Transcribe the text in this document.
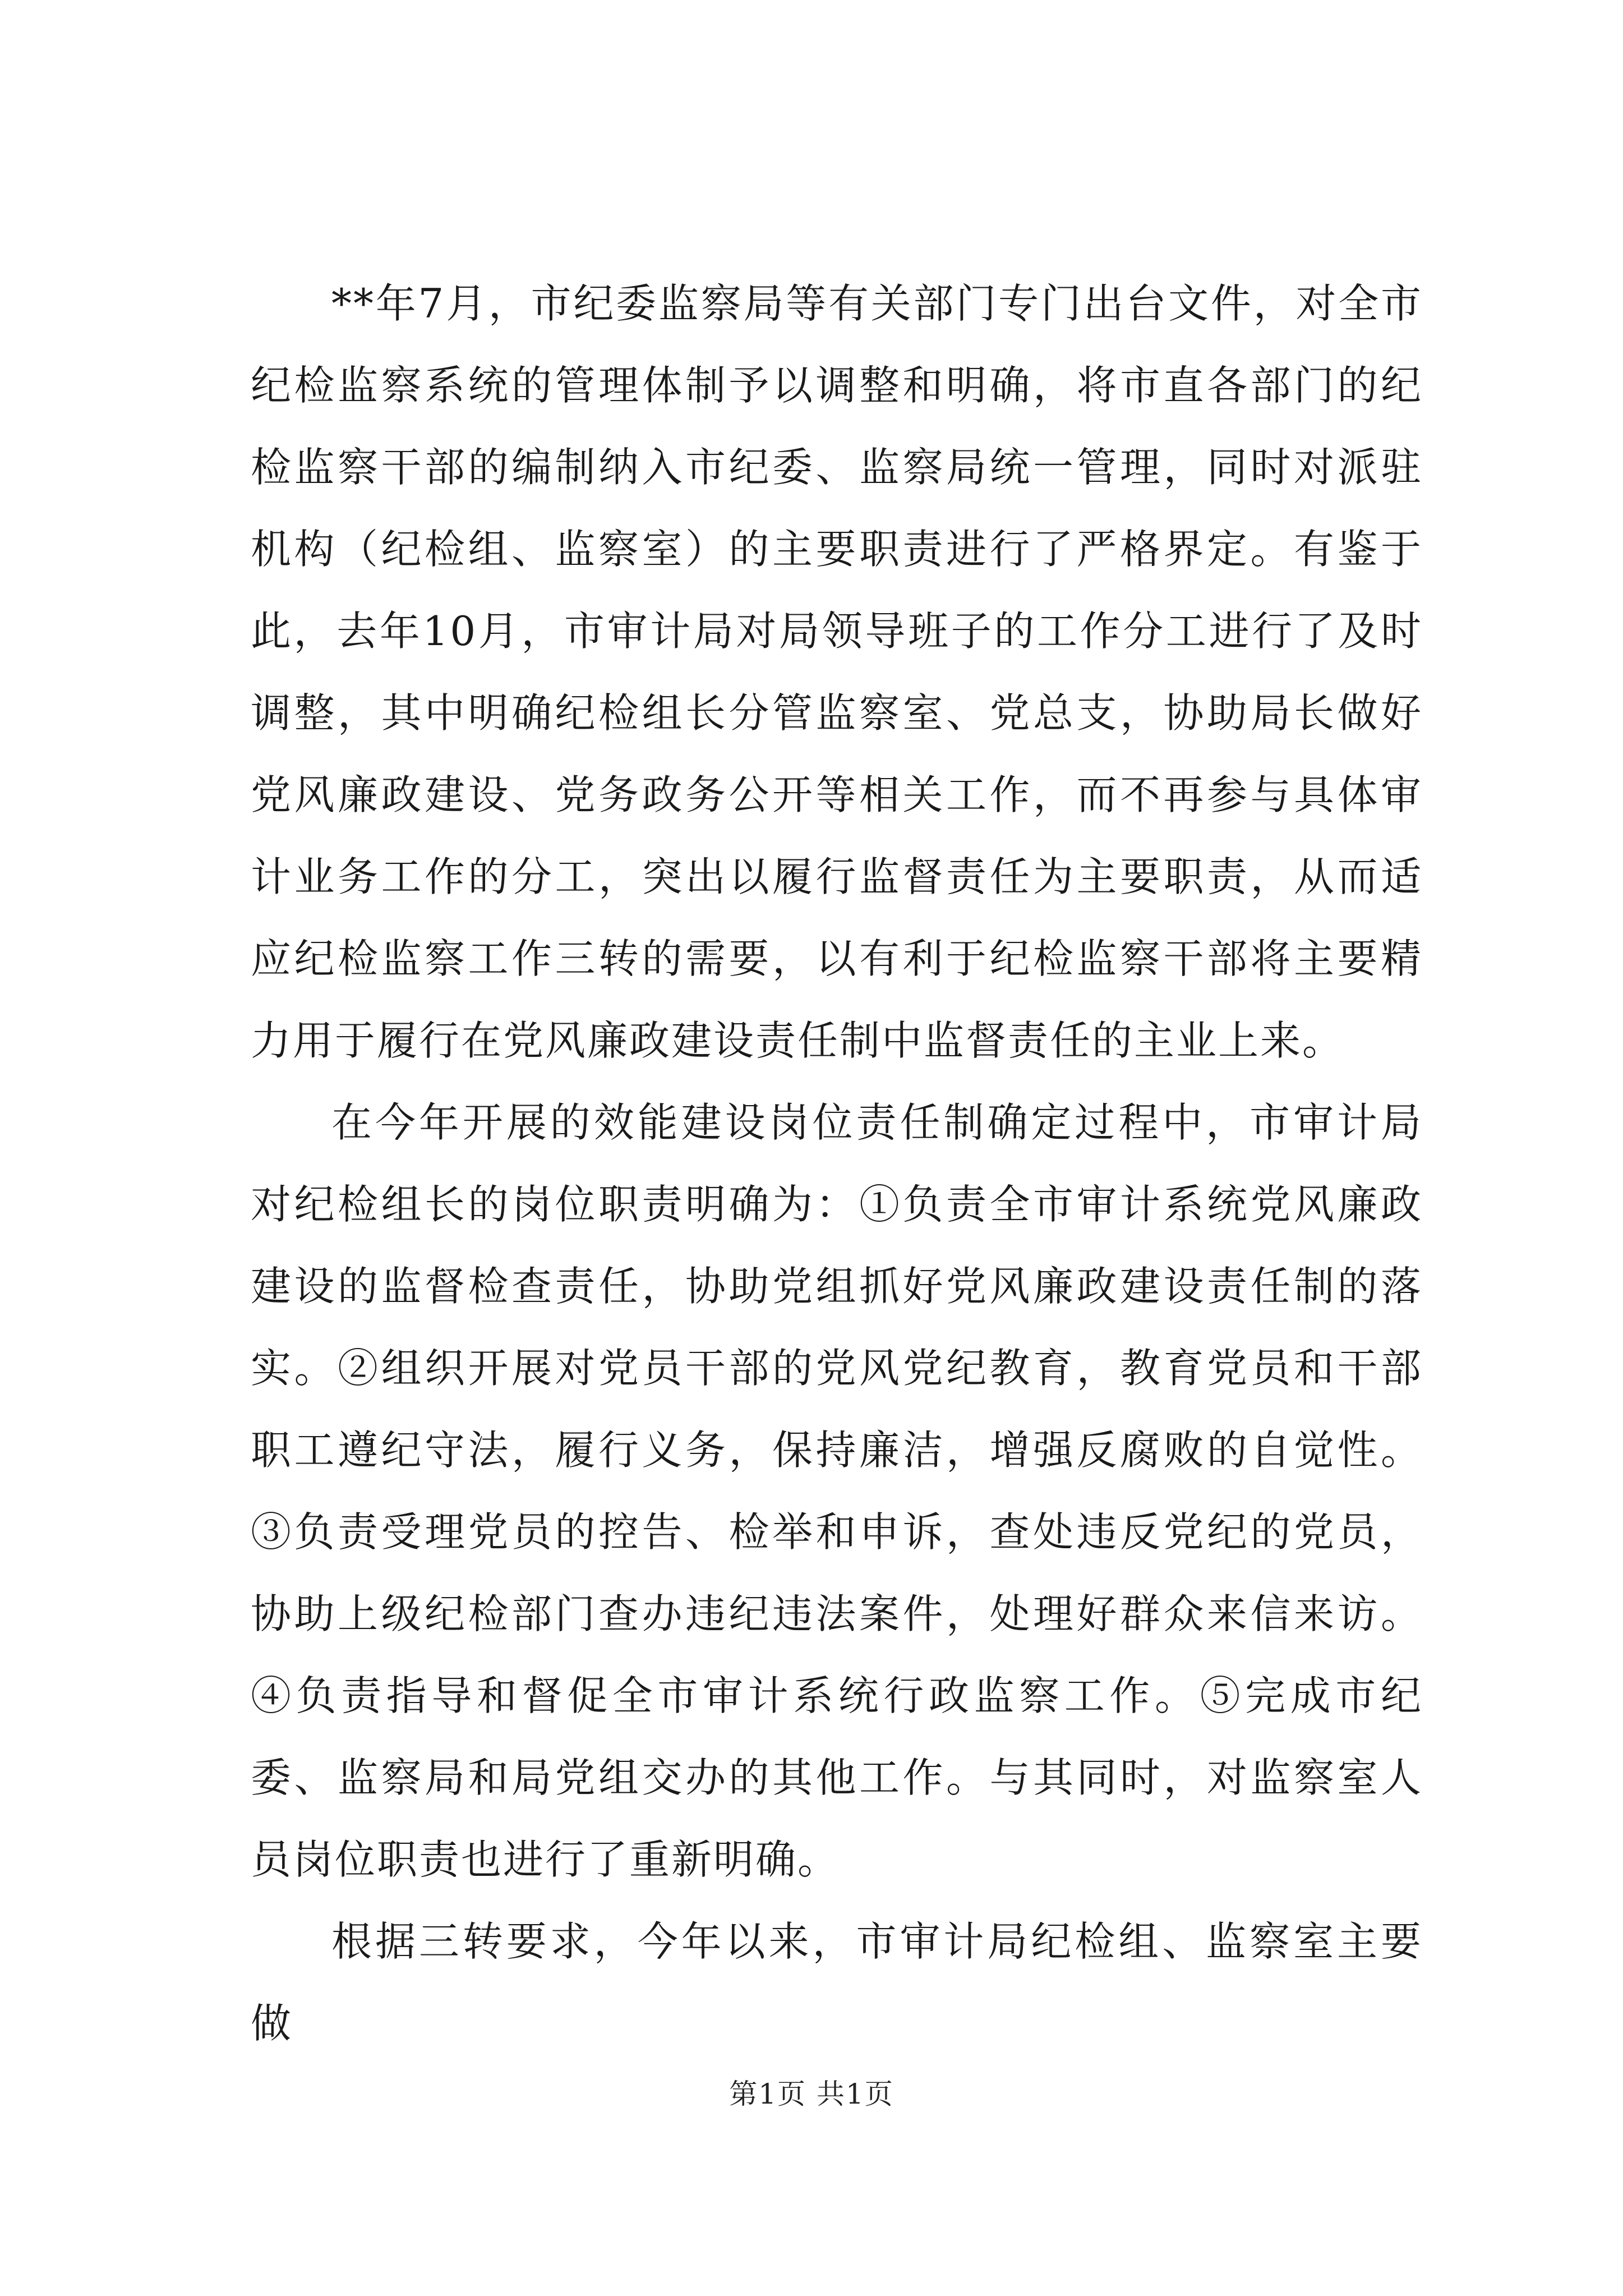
**年7月，市纪委监察局等有关部门专门出台文件，对全市纪检监察系统的管理体制予以调整和明确，将市直各部门的纪检监察干部的编制纳入市纪委、监察局统一管理，同时对派驻机构（纪检组、监察室）的主要职责进行了严格界定。有鉴于此，去年10月，市审计局对局领导班子的工作分工进行了及时调整，其中明确纪检组长分管监察室、党总支，协助局长做好党风廉政建设、党务政务公开等相关工作，而不再参与具体审计业务工作的分工，突出以履行监督责任为主要职责，从而适应纪检监察工作三转的需要，以有利于纪检监察干部将主要精力用于履行在党风廉政建设责任制中监督责任的主业上来。

在今年开展的效能建设岗位责任制确定过程中，市审计局对纪检组长的岗位职责明确为：①负责全市审计系统党风廉政建设的监督检查责任，协助党组抓好党风廉政建设责任制的落实。②组织开展对党员干部的党风党纪教育，教育党员和干部职工遵纪守法，履行义务，保持廉洁，增强反腐败的自觉性。③负责受理党员的控告、检举和申诉，查处违反党纪的党员，协助上级纪检部门查办违纪违法案件，处理好群众来信来访。④负责指导和督促全市审计系统行政监察工作。⑤完成市纪委、监察局和局党组交办的其他工作。与其同时，对监察室人员岗位职责也进行了重新明确。

根据三转要求，今年以来，市审计局纪检组、监察室主要做

第1页 共1页
